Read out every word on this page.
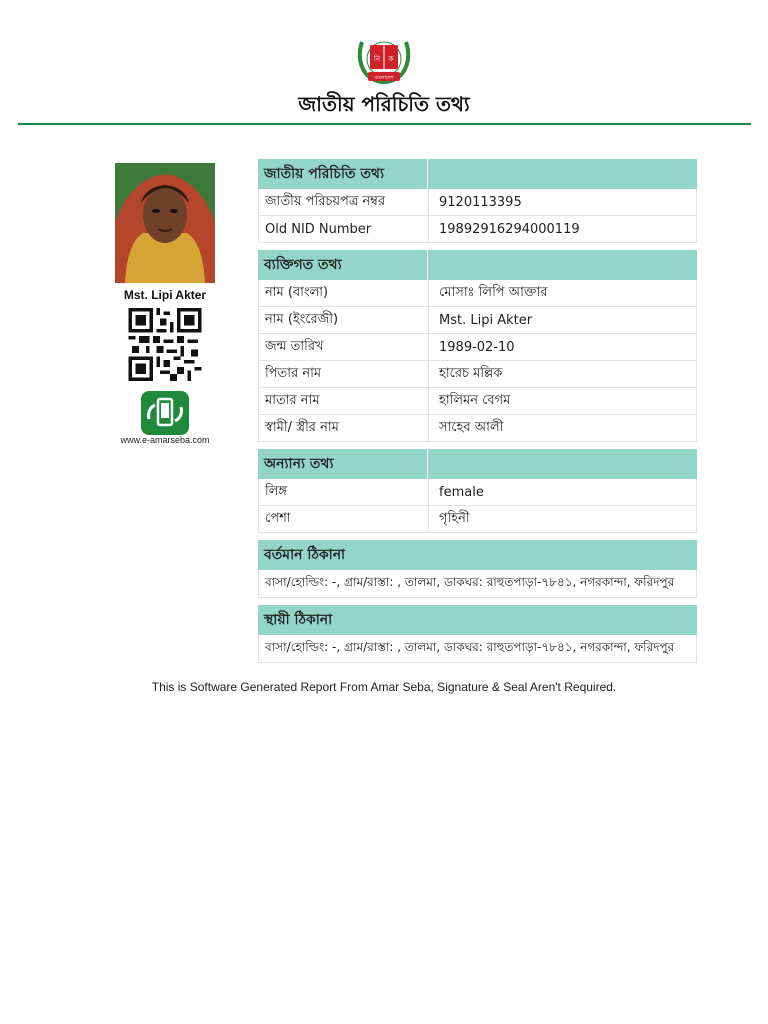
নি ক
বাংলাদেশ
জাতীয় পরিচিতি তথ্য
Mst. Lipi Akter
www.e-amarseba.com
জাতীয় পরিচিতি তথ্য
জাতীয় পরিচয়পত্র নম্বর	9120113395
Old NID Number	19892916294000119
ব্যক্তিগত তথ্য
নাম (বাংলা)	মোসাঃ লিপি আক্তার
নাম (ইংরেজী)	Mst. Lipi Akter
জন্ম তারিখ	1989-02-10
পিতার নাম	হারেচ মল্লিক
মাতার নাম	হালিমন বেগম
স্বামী/ স্ত্রীর নাম	সাহেব আলী
অন্যান্য তথ্য
লিঙ্গ	female
পেশা	গৃহিনী
বর্তমান ঠিকানা
বাসা/হোল্ডিং: -, গ্রাম/রাস্তা: , তালমা, ডাকঘর: রাহুতপাড়া-৭৮৪১, নগরকান্দা, ফরিদপুর
স্থায়ী ঠিকানা
বাসা/হোল্ডিং: -, গ্রাম/রাস্তা: , তালমা, ডাকঘর: রাহুতপাড়া-৭৮৪১, নগরকান্দা, ফরিদপুর
This is Software Generated Report From Amar Seba, Signature & Seal Aren't Required.
